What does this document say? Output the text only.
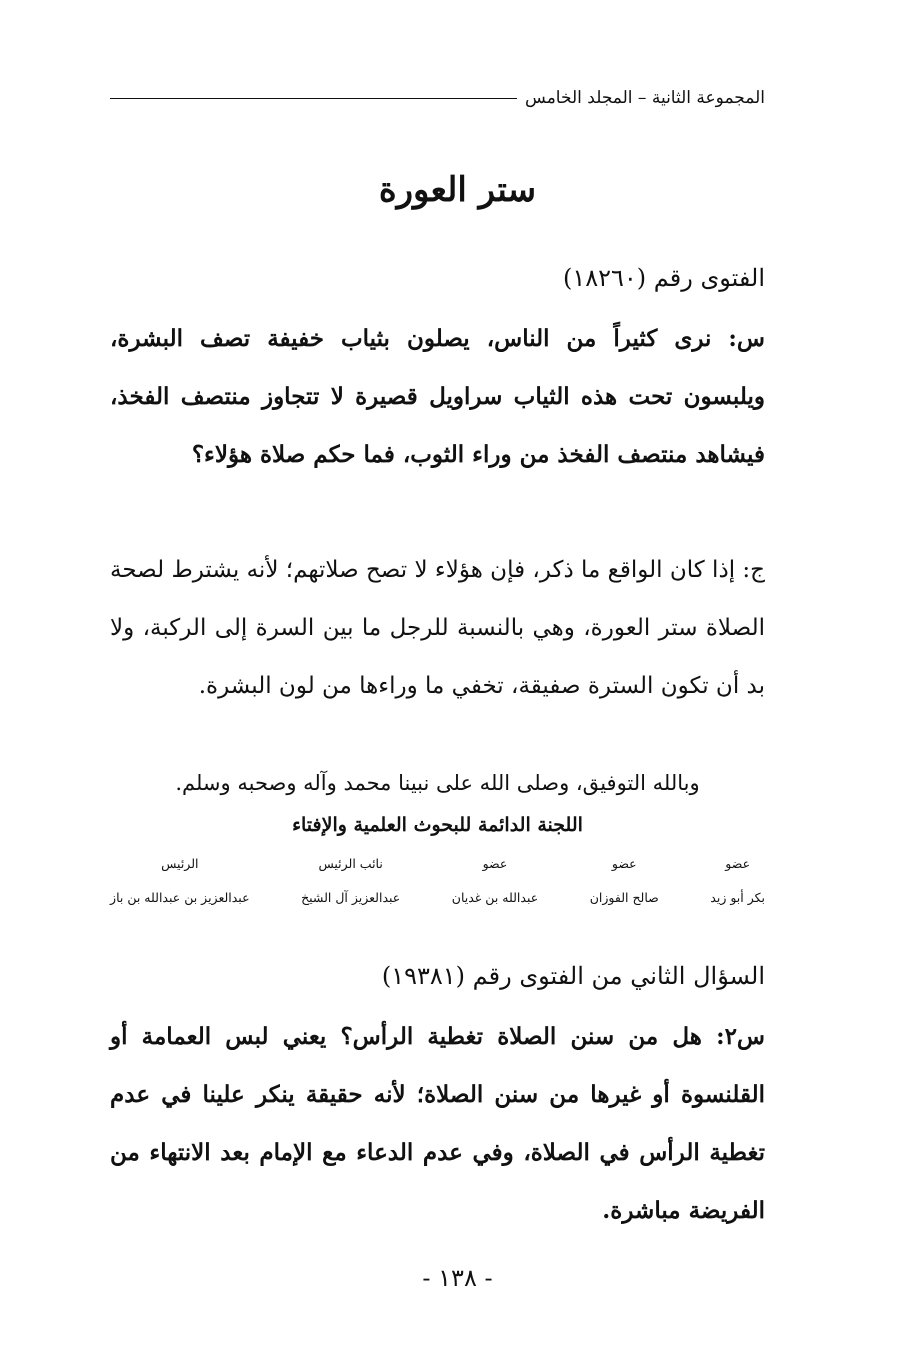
المجموعة الثانية – المجلد الخامس
ستر العورة
الفتوى رقم (١٨٢٦٠)
س: نرى كثيراً من الناس، يصلون بثياب خفيفة تصف البشرة، ويلبسون تحت هذه الثياب سراويل قصيرة لا تتجاوز منتصف الفخذ، فيشاهد منتصف الفخذ من وراء الثوب، فما حكم صلاة هؤلاء؟
ج: إذا كان الواقع ما ذكر، فإن هؤلاء لا تصح صلاتهم؛ لأنه يشترط لصحة الصلاة ستر العورة، وهي بالنسبة للرجل ما بين السرة إلى الركبة، ولا بد أن تكون السترة صفيقة، تخفي ما وراءها من لون البشرة.
وبالله التوفيق، وصلى الله على نبينا محمد وآله وصحبه وسلم.
اللجنة الدائمة للبحوث العلمية والإفتاء
عضو
بكر أبو زيد
عضو
صالح الفوزان
عضو
عبدالله بن غديان
نائب الرئيس
عبدالعزيز آل الشيخ
الرئيس
عبدالعزيز بن عبدالله بن باز
السؤال الثاني من الفتوى رقم (١٩٣٨١)
س٢: هل من سنن الصلاة تغطية الرأس؟ يعني لبس العمامة أو القلنسوة أو غيرها من سنن الصلاة؛ لأنه حقيقة ينكر علينا في عدم تغطية الرأس في الصلاة، وفي عدم الدعاء مع الإمام بعد الانتهاء من الفريضة مباشرة.
- ١٣٨ -
